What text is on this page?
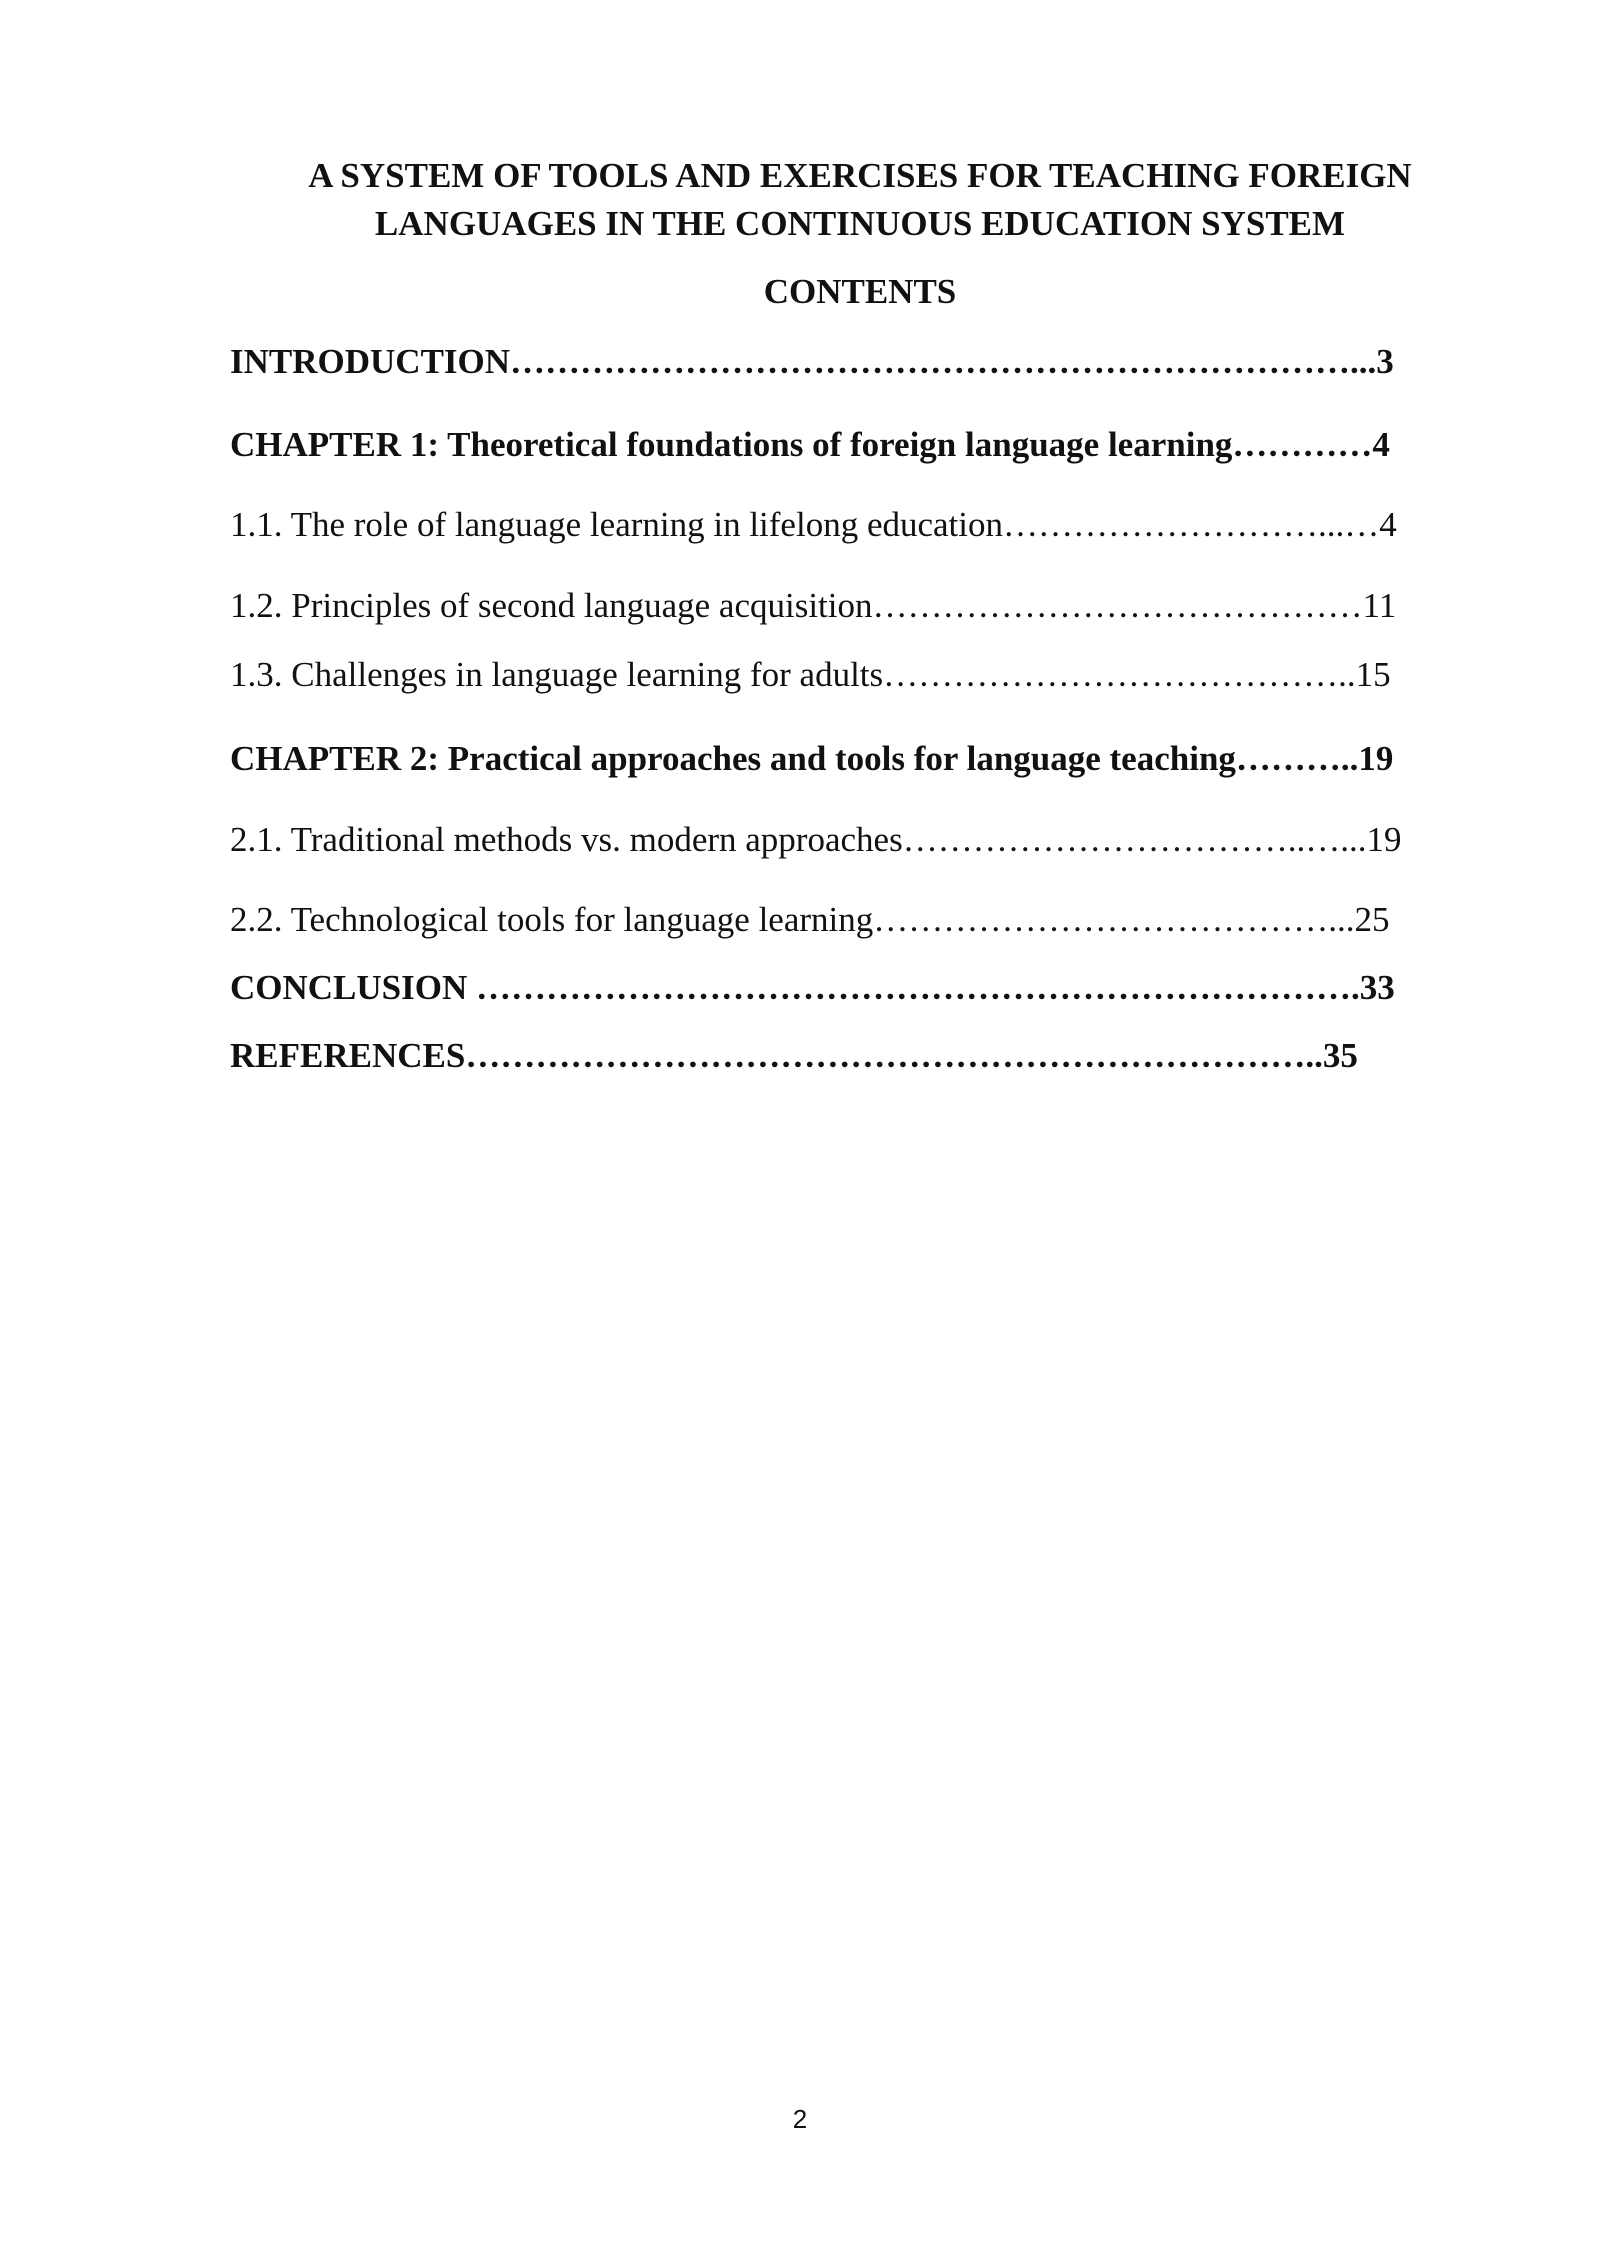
A SYSTEM OF TOOLS AND EXERCISES FOR TEACHING FOREIGN
LANGUAGES IN THE CONTINUOUS EDUCATION SYSTEM
CONTENTS
INTRODUCTION………………………………………………………………...3
CHAPTER 1: Theoretical foundations of foreign language learning…………4
1.1. The role of language learning in lifelong education………………………...…4
1.2. Principles of second language acquisition……………………………………11
1.3. Challenges in language learning for adults…………………………………..15
CHAPTER 2: Practical approaches and tools for language teaching………..19
2.1. Traditional methods vs. modern approaches……………………………..…...19
2.2. Technological tools for language learning…………………………………...25
CONCLUSION ………………………………………………………………….33
REFERENCES………………………………………………………………..35
2
